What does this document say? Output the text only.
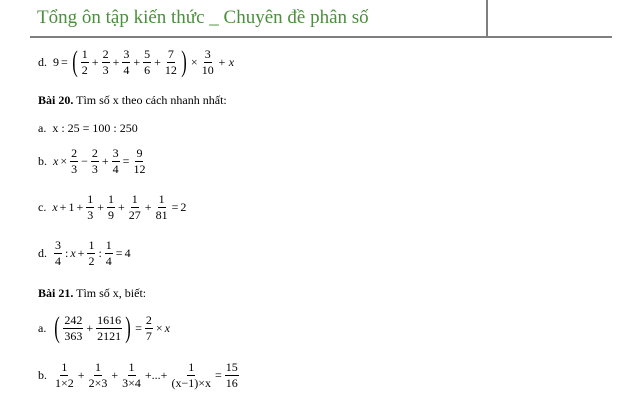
Tổng ôn tập kiến thức _ Chuyên đề phân số
d. 9 = ( $\frac{1}{2} + \frac{2}{3} + \frac{3}{4} + \frac{5}{6} + \frac{7}{12}$ ) × $\frac{3}{10} + x$
Bài 20. Tìm số x theo cách nhanh nhất:
a. x : 25 = 100 : 250
b. $x \times \frac{2}{3} - \frac{2}{3} + \frac{3}{4} = \frac{9}{12}$
c. $x + 1 + \frac{1}{3} + \frac{1}{9} + \frac{1}{27} + \frac{1}{81} = 2$
d. $\frac{3}{4}$ : $x + \frac{1}{2}$ : $\frac{1}{4} = 4$
Bài 21. Tìm số x, biết:
a. ( $\frac{242}{363} + \frac{1616}{2121}$ ) = $\frac{2}{7} \times x$
b. $\frac{1}{1\times 2} + \frac{1}{2\times 3} + \frac{1}{3\times 4}$ +...+ $\frac{1}{(x-1)\times x} = \frac{15}{16}$
